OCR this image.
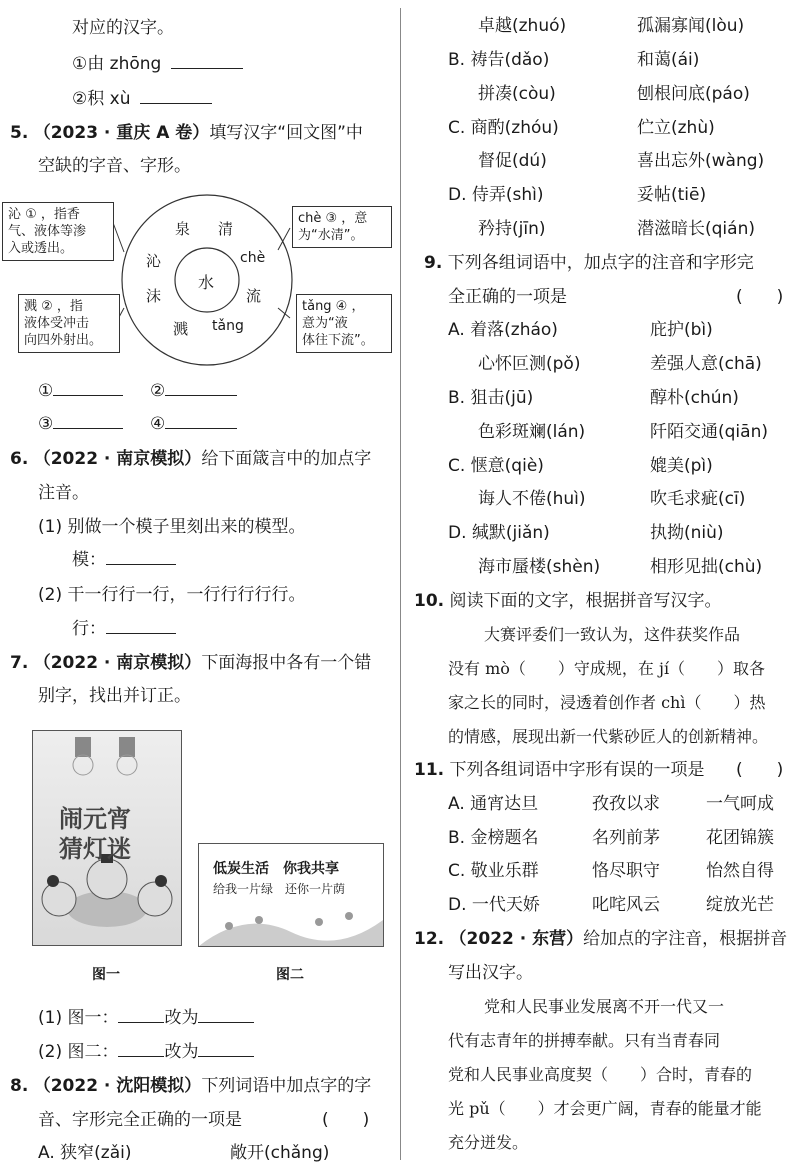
对应的汉字。
①由 zhōng
②积 xù
5. （2023 · 重庆 A 卷）填写汉字“回文图”中
空缺的字音、字形。
水
泉 清
chè
流
tǎng
溅
沫
沁
沁 ① ，指香
气、液体等渗
入或透出。
chè ③ ，意
为“水清”。
溅 ② ，指
液体受冲击
向四外射出。
tǎng ④ ，
意为“液
体往下流”。
①	②
③	④
6. （2022 · 南京模拟）给下面箴言中的加点字
注音。
(1) 别做一个模子里刻出来的模型。
模：
(2) 干一行行一行，一行行行行行。
行：
7. （2022 · 南京模拟）下面海报中各有一个错
别字，找出并订正。
闹元宵
猜灯迷
图一
低炭生活　 你我共享
给我一片绿　 还你一片荫
图二
(1) 图一：	改为
(2) 图二：	改为
8. （2022 · 沈阳模拟）下列词语中加点字的字
音、字形完全正确的一项是	(　　)
A. 狭窄(zǎi)	敞开(chǎng)
卓越(zhuó)	孤漏寡闻(lòu)
B. 祷告(dǎo)	和蔼(ái)
拼凑(còu)	刨根问底(páo)
C. 商酌(zhóu)	伫立(zhù)
督促(dú)	喜出忘外(wàng)
D. 侍弄(shì)	妥帖(tiē)
矜持(jīn)	潜滋暗长(qián)
9. 下列各组词语中，加点字的注音和字形完
全正确的一项是	(　　)
A. 着落(zháo)	庇护(bì)
心怀叵测(pǒ)	差强人意(chā)
B. 狙击(jū)	醇朴(chún)
色彩斑斓(lán)	阡陌交通(qiān)
C. 惬意(qiè)	媲美(pì)
诲人不倦(huì)	吹毛求疵(cī)
D. 缄默(jiǎn)	执拗(niù)
海市蜃楼(shèn)	相形见拙(chù)
10. 阅读下面的文字，根据拼音写汉字。
大赛评委们一致认为，这件获奖作品
没有 mò（　　）守成规，在 jí（　　）取各
家之长的同时，浸透着创作者 chì（　　）热
的情感，展现出新一代紫砂匠人的创新精神。
11. 下列各组词语中字形有误的一项是 (　　)
A. 通宵达旦	孜孜以求	一气呵成
B. 金榜题名	名列前茅	花团锦簇
C. 敬业乐群	恪尽职守	怡然自得
D. 一代天娇	叱咤风云	绽放光芒
12. （2022 · 东营）给加点的字注音，根据拼音
写出汉字。
党和人民事业发展离不开一代又一
代有志青年的拼搏奉献。只有当青春同
党和人民事业高度契（　　）合时，青春的
光 pǔ（　　）才会更广阔，青春的能量才能
充分迸发。
